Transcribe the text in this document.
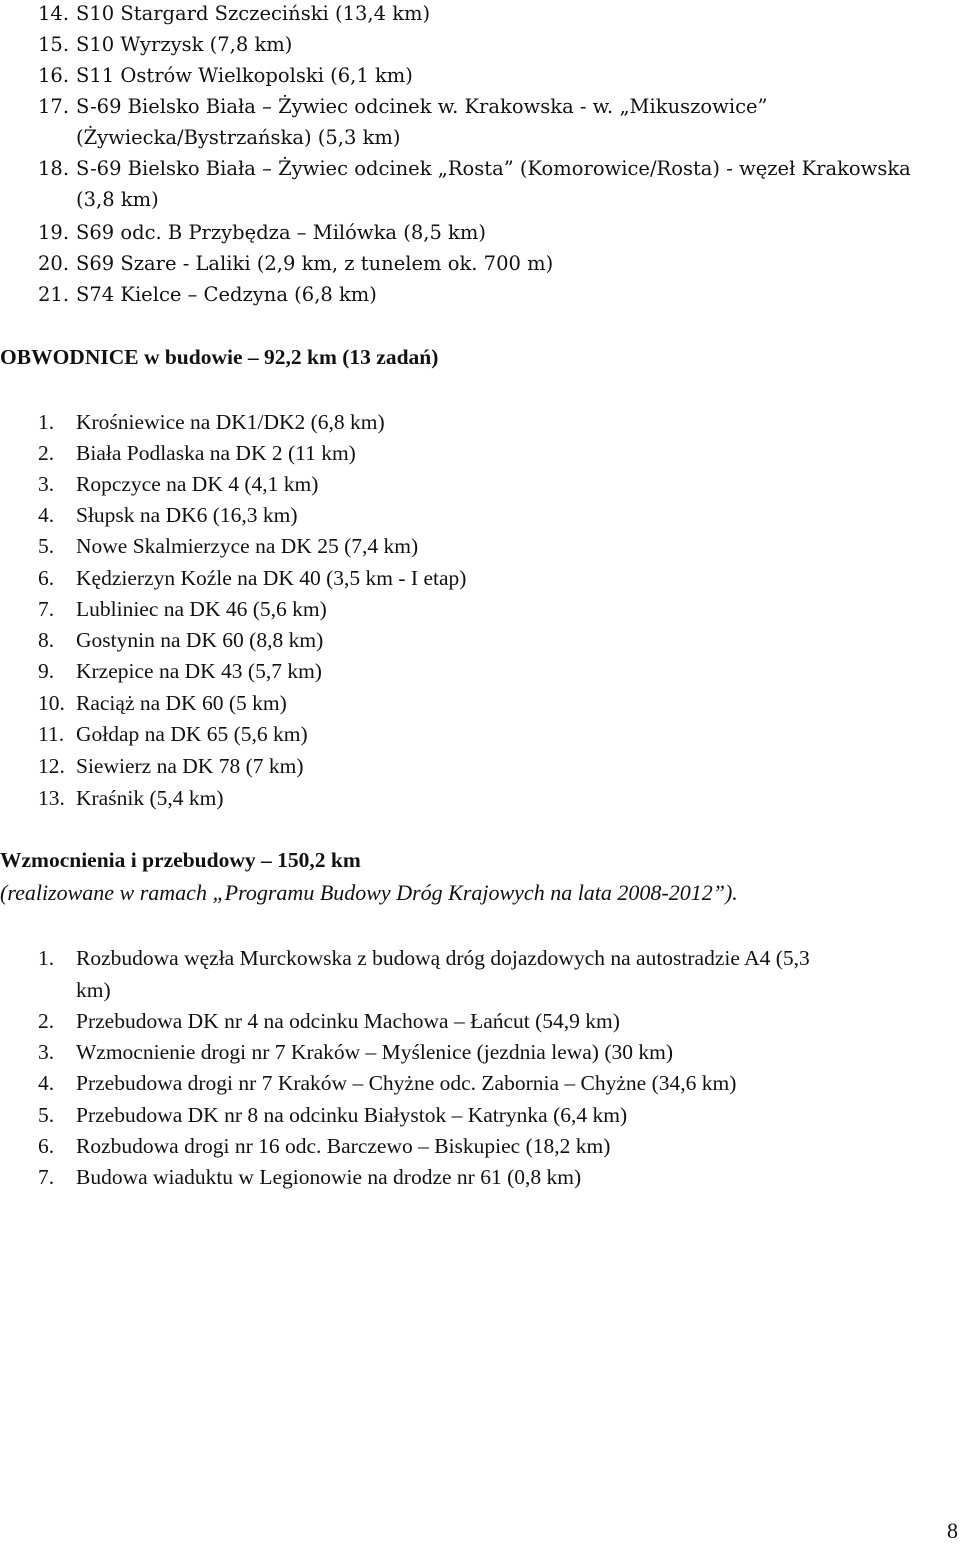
14. S10 Stargard Szczeciński (13,4 km)
15. S10 Wyrzysk (7,8 km)
16. S11 Ostrów Wielkopolski (6,1 km)
17. S-69 Bielsko Biała – Żywiec odcinek w. Krakowska - w. „Mikuszowice”
(Żywiecka/Bystrzańska) (5,3 km)
18. S-69 Bielsko Biała – Żywiec odcinek „Rosta” (Komorowice/Rosta) - węzeł Krakowska
(3,8 km)
19. S69 odc. B Przybędza – Milówka (8,5 km)
20. S69 Szare - Laliki (2,9 km, z tunelem ok. 700 m)
21. S74 Kielce – Cedzyna (6,8 km)
OBWODNICE w budowie – 92,2 km (13 zadań)
1. Krośniewice na DK1/DK2 (6,8 km)
2. Biała Podlaska na DK 2 (11 km)
3. Ropczyce na DK 4 (4,1 km)
4. Słupsk na DK6 (16,3 km)
5. Nowe Skalmierzyce na DK 25 (7,4 km)
6. Kędzierzyn Koźle na DK 40 (3,5 km - I etap)
7. Lubliniec na DK 46 (5,6 km)
8. Gostynin na DK 60 (8,8 km)
9. Krzepice na DK 43 (5,7 km)
10. Raciąż na DK 60 (5 km)
11. Gołdap na DK 65 (5,6 km)
12. Siewierz na DK 78 (7 km)
13. Kraśnik (5,4 km)
Wzmocnienia i przebudowy – 150,2 km
(realizowane w ramach „Programu Budowy Dróg Krajowych na lata 2008-2012”).
1. Rozbudowa węzła Murckowska z budową dróg dojazdowych na autostradzie A4 (5,3
km)
2. Przebudowa DK nr 4 na odcinku Machowa – Łańcut (54,9 km)
3. Wzmocnienie drogi nr 7 Kraków – Myślenice (jezdnia lewa) (30 km)
4. Przebudowa drogi nr 7 Kraków – Chyżne odc. Zabornia – Chyżne (34,6 km)
5. Przebudowa DK nr 8 na odcinku Białystok – Katrynka (6,4 km)
6. Rozbudowa drogi nr 16 odc. Barczewo – Biskupiec (18,2 km)
7. Budowa wiaduktu w Legionowie na drodze nr 61 (0,8 km)
8
